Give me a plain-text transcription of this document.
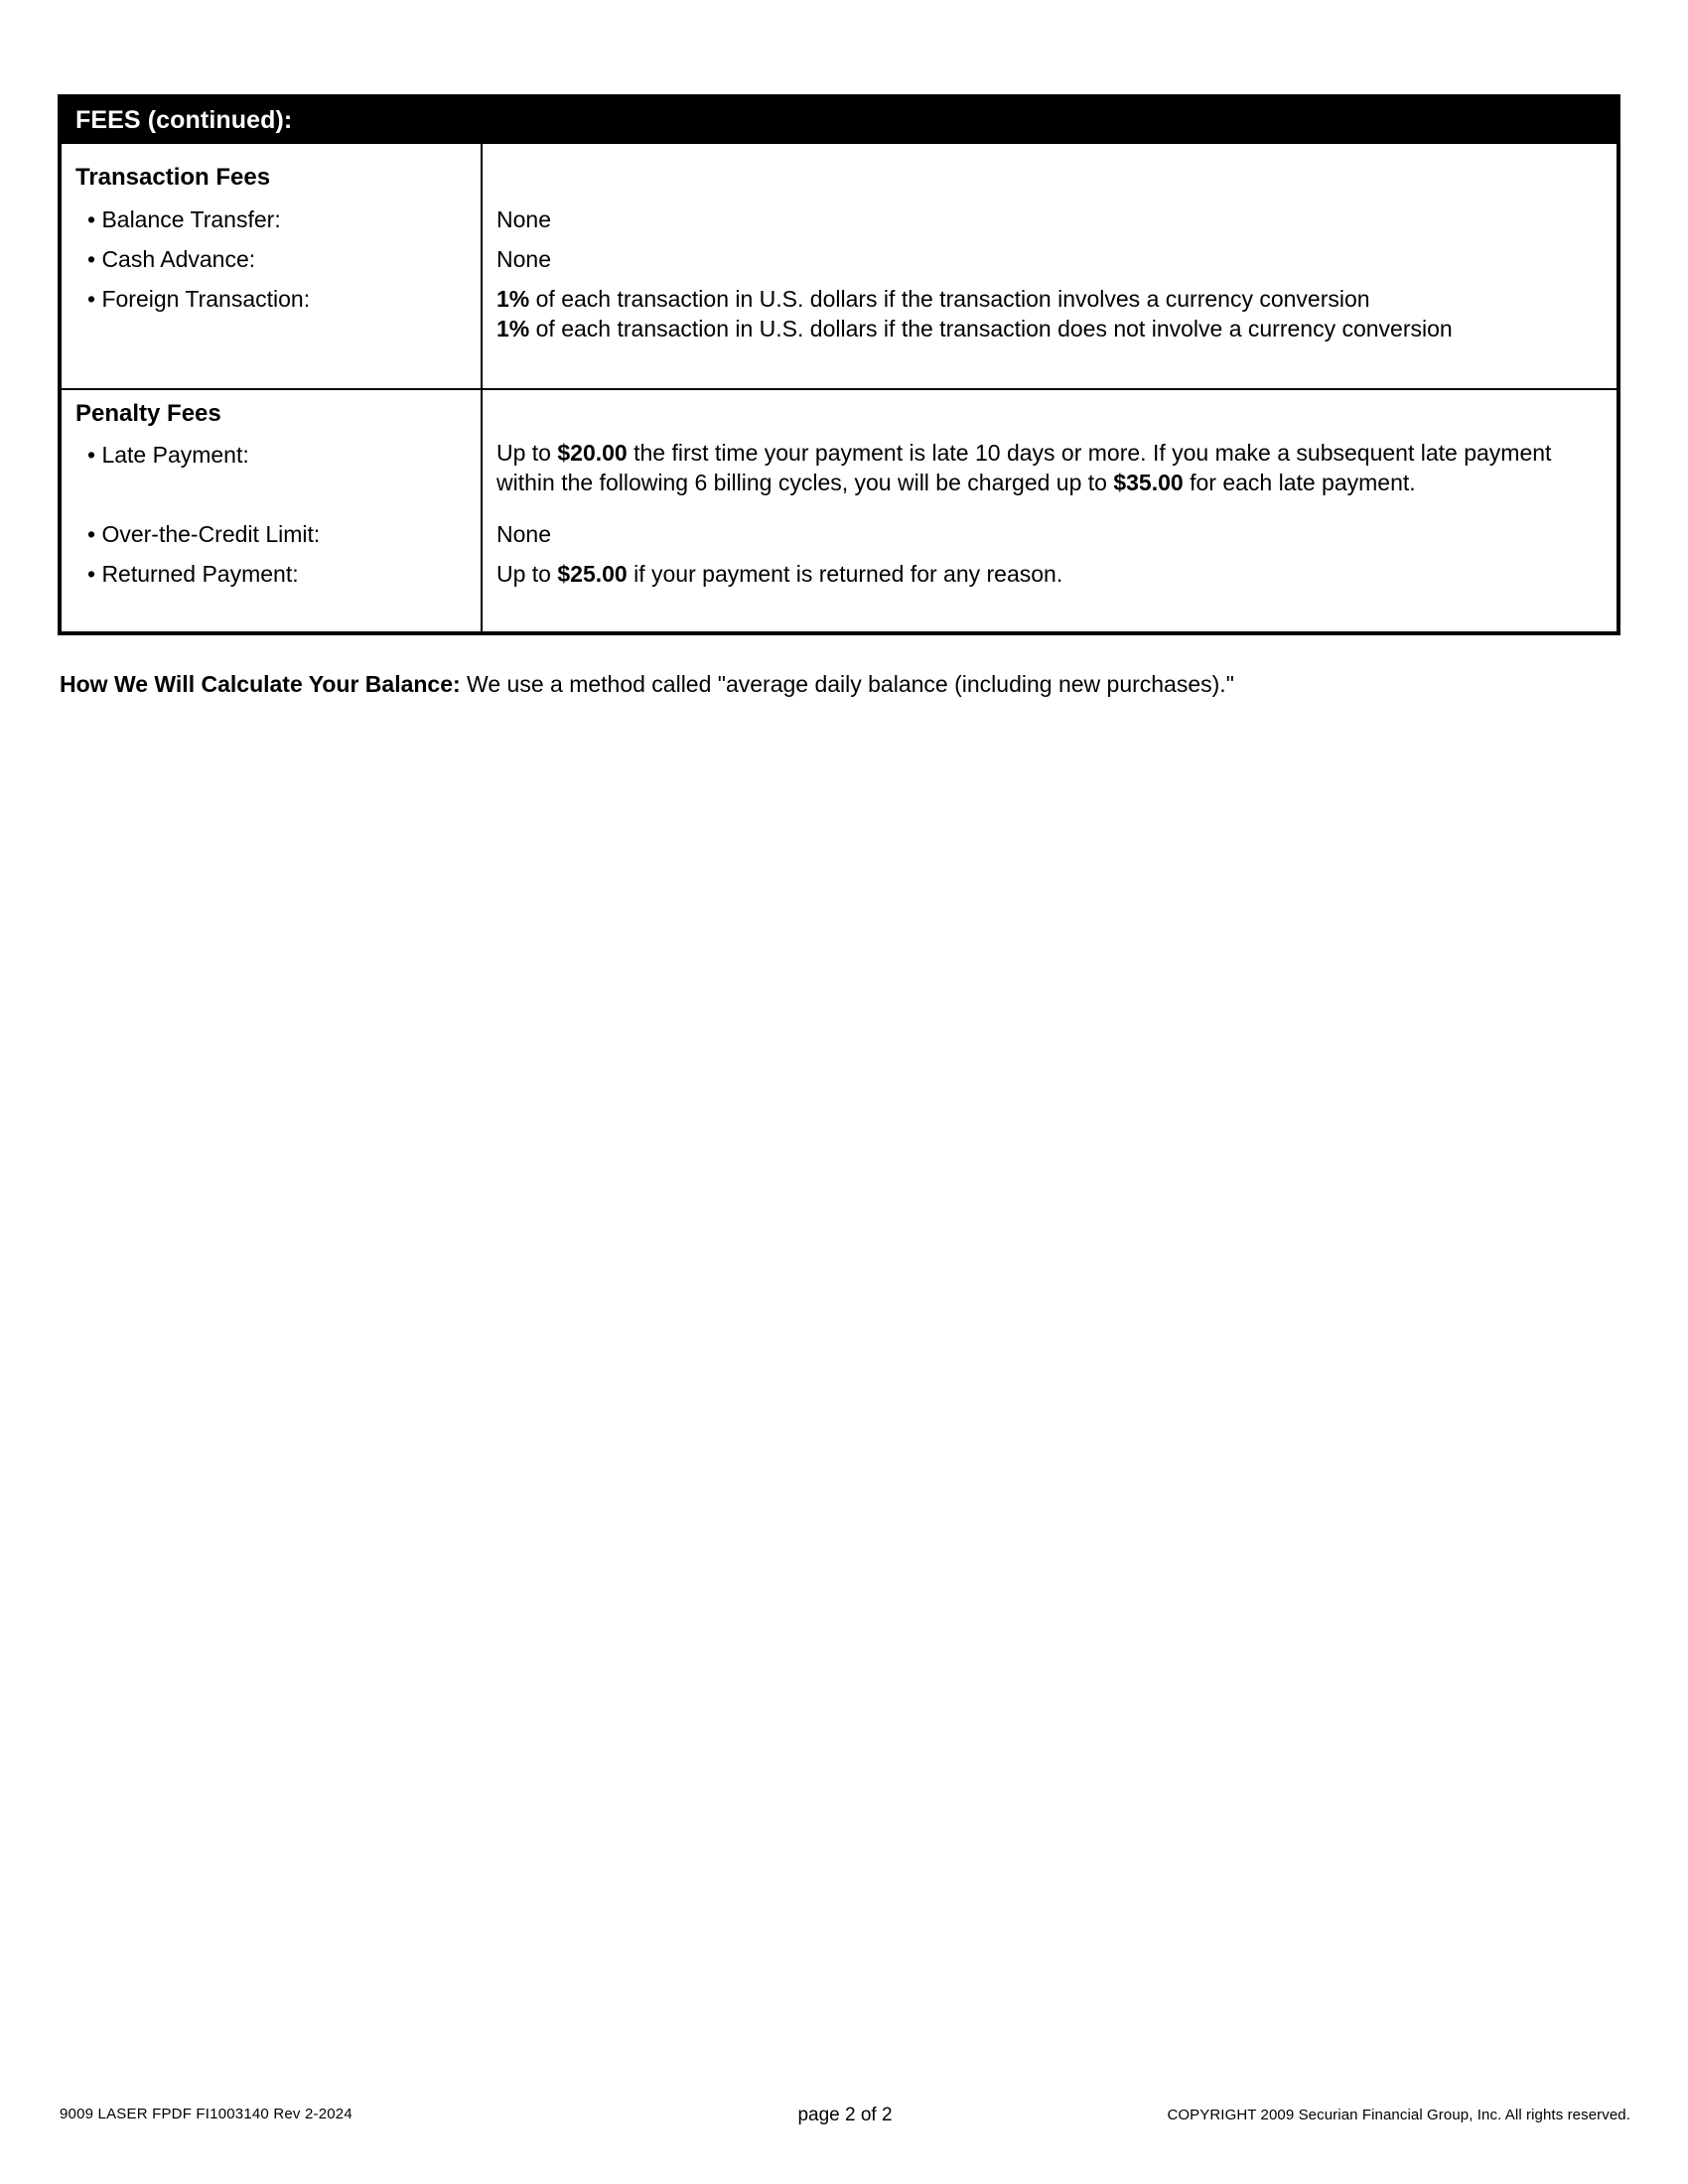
FEES (continued):
Transaction Fees
• Balance Transfer:
• Cash Advance:
• Foreign Transaction:
None
None
1% of each transaction in U.S. dollars if the transaction involves a currency conversion
1% of each transaction in U.S. dollars if the transaction does not involve a currency conversion
Penalty Fees
• Late Payment:
• Over-the-Credit Limit:
• Returned Payment:
Up to $20.00 the first time your payment is late 10 days or more. If you make a subsequent late payment within the following 6 billing cycles, you will be charged up to $35.00 for each late payment.
None
Up to $25.00 if your payment is returned for any reason.
How We Will Calculate Your Balance: We use a method called "average daily balance (including new purchases)."
9009 LASER FPDF FI1003140 Rev 2-2024	page 2 of 2	COPYRIGHT 2009 Securian Financial Group, Inc. All rights reserved.
